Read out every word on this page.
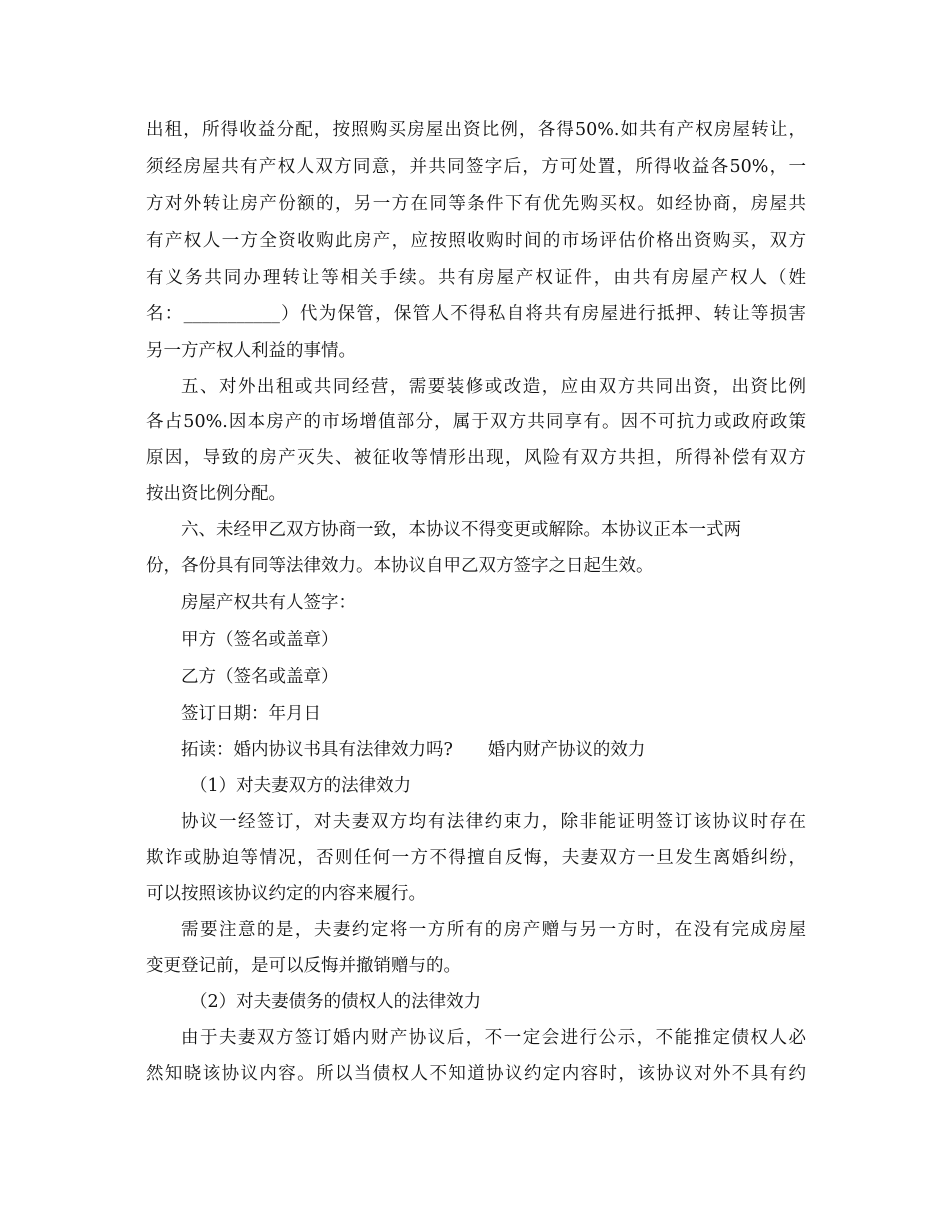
出租，所得收益分配，按照购买房屋出资比例，各得50%.如共有产权房屋转让，

须经房屋共有产权人双方同意，并共同签字后，方可处置，所得收益各50%，一

方对外转让房产份额的，另一方在同等条件下有优先购买权。如经协商，房屋共

有产权人一方全资收购此房产，应按照收购时间的市场评估价格出资购买，双方

有义务共同办理转让等相关手续。共有房屋产权证件，由共有房屋产权人（姓

名：___________）代为保管，保管人不得私自将共有房屋进行抵押、转让等损害

另一方产权人利益的事情。

五、对外出租或共同经营，需要装修或改造，应由双方共同出资，出资比例

各占50%.因本房产的市场增值部分，属于双方共同享有。因不可抗力或政府政策

原因，导致的房产灭失、被征收等情形出现，风险有双方共担，所得补偿有双方

按出资比例分配。

六、未经甲乙双方协商一致，本协议不得变更或解除。本协议正本一式两

份，各份具有同等法律效力。本协议自甲乙双方签字之日起生效。

房屋产权共有人签字：

甲方（签名或盖章）

乙方（签名或盖章）

签订日期：年月日

拓读：婚内协议书具有法律效力吗?　　婚内财产协议的效力

（1）对夫妻双方的法律效力

协议一经签订，对夫妻双方均有法律约束力，除非能证明签订该协议时存在

欺诈或胁迫等情况，否则任何一方不得擅自反悔，夫妻双方一旦发生离婚纠纷，

可以按照该协议约定的内容来履行。

需要注意的是，夫妻约定将一方所有的房产赠与另一方时，在没有完成房屋

变更登记前，是可以反悔并撤销赠与的。

（2）对夫妻债务的债权人的法律效力

由于夫妻双方签订婚内财产协议后，不一定会进行公示，不能推定债权人必

然知晓该协议内容。所以当债权人不知道协议约定内容时，该协议对外不具有约
